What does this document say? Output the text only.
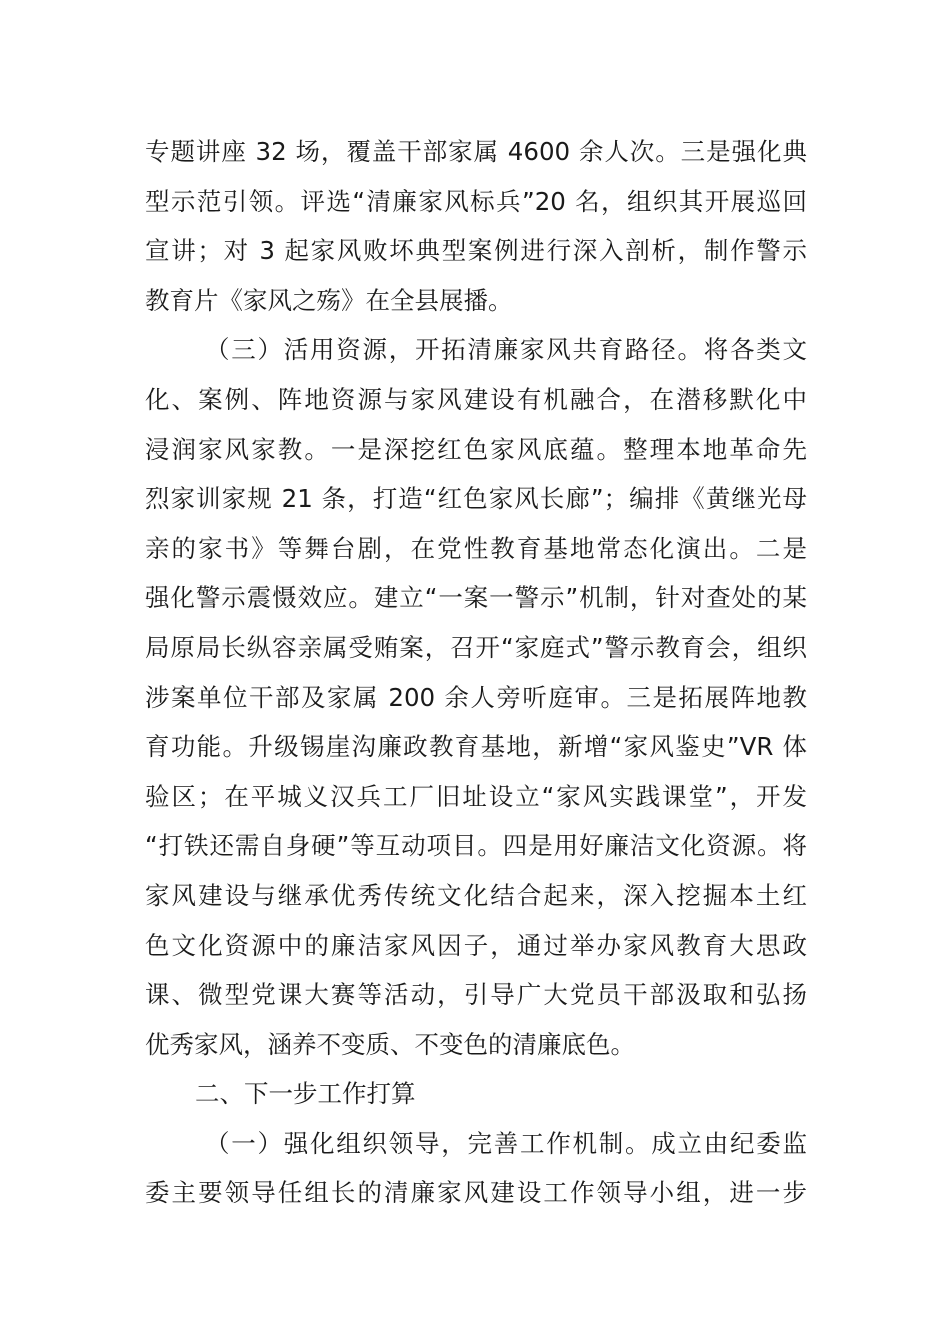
专题讲座 32 场，覆盖干部家属 4600 余人次。三是强化典
型示范引领。评选“清廉家风标兵”20 名，组织其开展巡回
宣讲；对 3 起家风败坏典型案例进行深入剖析，制作警示
教育片《家风之殇》在全县展播。
（三）活用资源，开拓清廉家风共育路径。将各类文
化、案例、阵地资源与家风建设有机融合，在潜移默化中
浸润家风家教。一是深挖红色家风底蕴。整理本地革命先
烈家训家规 21 条，打造“红色家风长廊”；编排《黄继光母
亲的家书》等舞台剧，在党性教育基地常态化演出。二是
强化警示震慑效应。建立“一案一警示”机制，针对查处的某
局原局长纵容亲属受贿案，召开“家庭式”警示教育会，组织
涉案单位干部及家属 200 余人旁听庭审。三是拓展阵地教
育功能。升级锡崖沟廉政教育基地，新增“家风鉴史”VR 体
验区；在平城义汉兵工厂旧址设立“家风实践课堂”，开发
“打铁还需自身硬”等互动项目。四是用好廉洁文化资源。将
家风建设与继承优秀传统文化结合起来，深入挖掘本土红
色文化资源中的廉洁家风因子，通过举办家风教育大思政
课、微型党课大赛等活动，引导广大党员干部汲取和弘扬
优秀家风，涵养不变质、不变色的清廉底色。
二、下一步工作打算
（一）强化组织领导，完善工作机制。成立由纪委监
委主要领导任组长的清廉家风建设工作领导小组，进一步
